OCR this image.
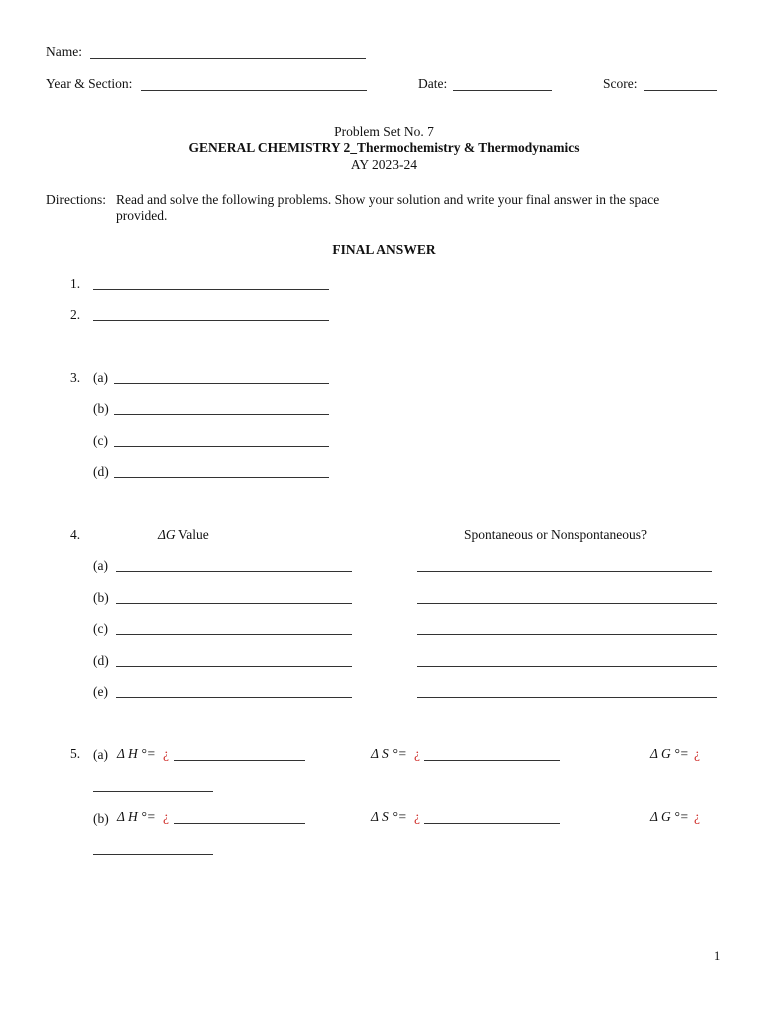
Name:
Year & Section:	Date:	Score:
Problem Set No. 7
GENERAL CHEMISTRY 2_Thermochemistry & Thermodynamics
AY 2023-24
Directions: Read and solve the following problems. Show your solution and write your final answer in the space
provided.
FINAL ANSWER
1.
2.
3. (a)
(b)
(c)
(d)
4.	ΔG Value	Spontaneous or Nonspontaneous?
(a)
(b)
(c)
(d)
(e)
5. (a) Δ H °= ¿	Δ S °= ¿	Δ G °= ¿
(b) Δ H °= ¿	Δ S °= ¿	Δ G °= ¿
1
